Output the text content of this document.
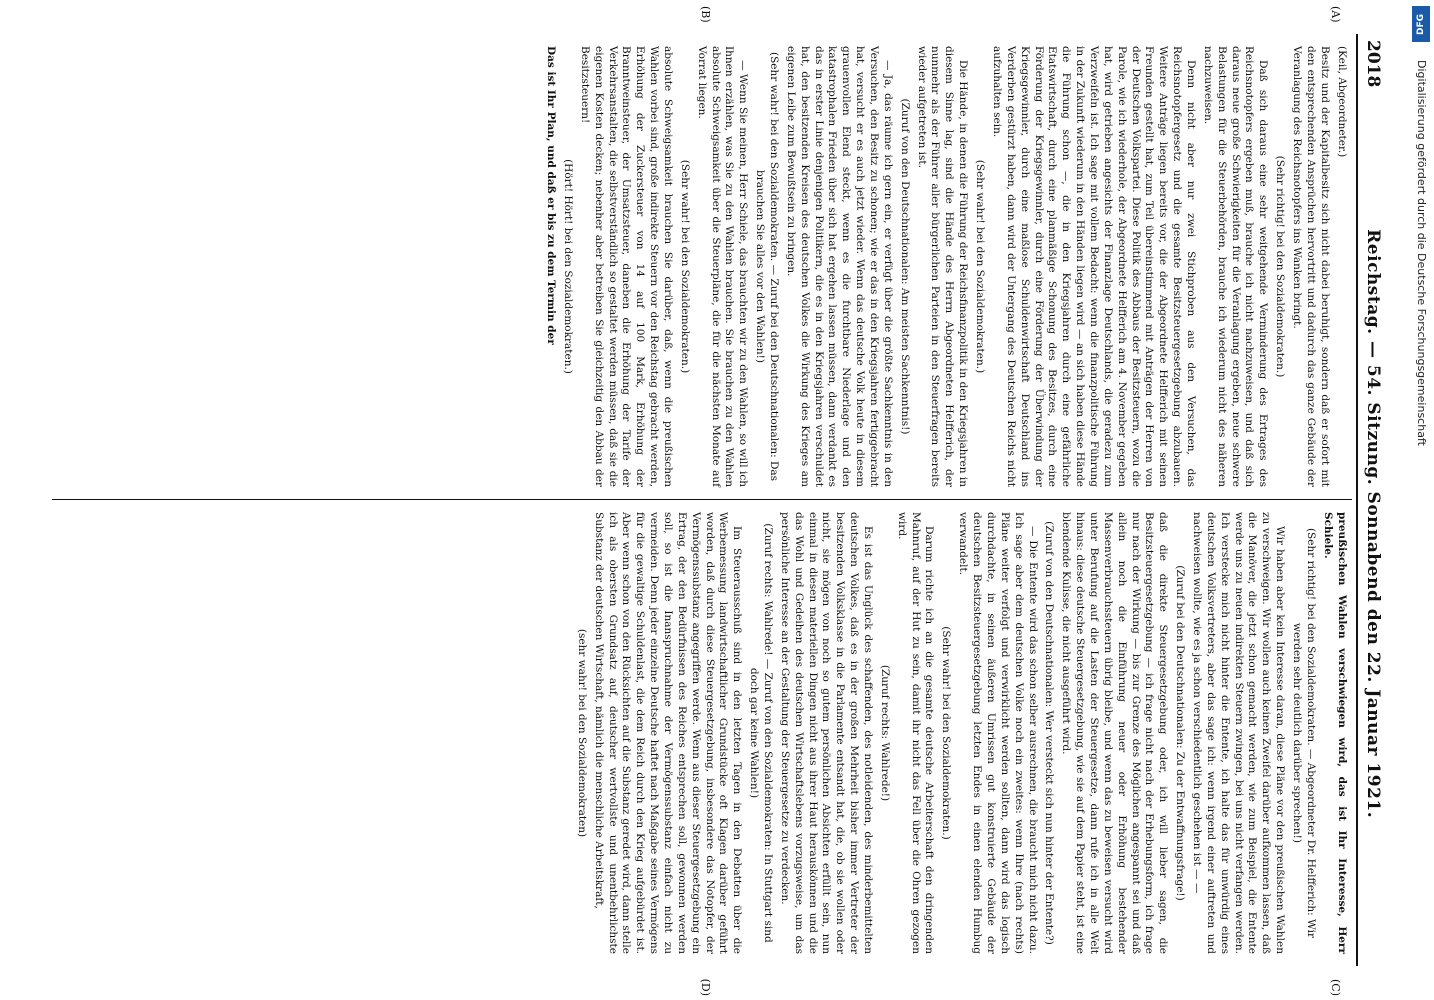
2018
Reichstag. — 54. Sitzung. Sonnabend den 22. Januar 1921.
(A)
(B)
(C)
(D)

(Keil, Abgeordneter.)

Besitz und der Kapitalbesitz sich nicht dabei beruhigt, sondern daß er sofort mit den entsprechenden Ansprüchen hervortritt und dadurch das ganze Gebäude der Veranlagung des Reichsnotopfers ins Wanken bringt.

(Sehr richtig! bei den Sozialdemokraten.)

Daß sich daraus eine sehr weitgehende Verminderung des Ertrages des Reichsnotopfers ergeben muß, brauche ich nicht nachzuweisen, und daß sich daraus neue große Schwierigkeiten für die Veranlagung ergeben, neue schwere Belastungen für die Steuerbehörden, brauche ich wiederum nicht des näheren nachzuweisen.

Denn nicht aber nur zwei Stichproben aus den Versuchen, das Reichsnotopfergesetz und die gesamte Besitzsteuergesetzgebung abzubauen. Weitere Anträge liegen bereits vor, die der Abgeordnete Helfferich mit seinen Freunden gestellt hat, zum Teil übereinstimmend mit Anträgen der Herren von der Deutschen Volkspartei. Diese Politik des Abbaus der Besitzsteuern, wozu die Parole, wie ich wiederhole, der Abgeordnete Helfferich am 4. November gegeben hat, wird getrieben angesichts der Finanzlage Deutschlands, die geradezu zum Verzweifeln ist. Ich sage mit vollem Bedacht: wenn die finanzpolitische Führung in der Zukunft wiederum in den Händen liegen wird — an sich haben diese Hände die Führung schon —, die in den Kriegsjahren durch eine gefährliche Etatswirtschaft, durch eine planmäßige Schonung des Besitzes, durch eine Förderung der Kriegsgewinnler, durch eine Förderung der Überwindung der Kriegsgewinnler, durch eine maßlose Schuldenwirtschaft Deutschland ins Verderben gestürzt haben, dann wird der Untergang des Deutschen Reichs nicht aufzuhalten sein.

(Sehr wahr! bei den Sozialdemokraten.)

Die Hände, in denen die Führung der Reichsfinanzpolitik in den Kriegsjahren in diesem Sinne lag, sind die Hände des Herrn Abgeordneten Helfferich, der nunmehr als der Führer aller bürgerlichen Parteien in den Steuerfragen bereits wieder aufgetreten ist.

(Zuruf von den Deutschnationalen: Am meisten Sachkenntnis!)

— Ja, das räume ich gern ein, er verfügt über die größte Sachkenntnis in den Versuchen, den Besitz zu schonen; wie er das in den Kriegsjahren fertiggebracht hat, versucht er es auch jetzt wieder. Wenn das deutsche Volk heute in diesem grauenvollen Elend steckt, wenn es die furchtbare Niederlage und den katastrophalen Frieden über sich hat ergehen lassen müssen, dann verdankt es das in erster Linie denjenigen Politikern, die es in den Kriegsjahren verschuldet hat, den besitzenden Kreisen des deutschen Volkes die Wirkung des Krieges am eigenen Leibe zum Bewußtsein zu bringen.

(Sehr wahr! bei den Sozialdemokraten. — Zuruf bei den Deutschnationalen: Das brauchen Sie alles vor den Wahlen!)

— Wenn Sie meinen, Herr Schiele, das brauchten wir zu den Wahlen, so will ich Ihnen erzählen, was Sie zu den Wahlen brauchen. Sie brauchen zu den Wahlen absolute Schweigsamkeit über die Steuerpläne, die für die nächsten Monate auf Vorrat liegen.

(Sehr wahr! bei den Sozialdemokraten.)

absolute Schweigsamkeit brauchen Sie darüber, daß, wenn die preußischen Wahlen vorbei sind, große indirekte Steuern vor den Reichstag gebracht werden, Erhöhung der Zuckersteuer von 14 auf 100 Mark, Erhöhung der Branntweinsteuer, der Umsatzsteuer, daneben die Erhöhung der Tarife der Verkehrsanstalten, die selbstverständlich so gestaltet werden müssen, daß sie die eigenen Kosten decken; nebenher aber betreiben Sie gleichzeitig den Abbau der Besitzsteuern!

(Hört! Hört! bei den Sozialdemokraten.)

Das ist Ihr Plan, und daß er bis zu dem Termin der

preußischen Wahlen verschwiegen wird, das ist Ihr Interesse, Herr Schiele.

(Sehr richtig! bei den Sozialdemokraten. — Abgeordneter Dr. Helfferich: Wir werden sehr deutlich darüber sprechen!)

Wir haben aber kein Interesse daran, diese Pläne vor den preußischen Wahlen zu verschweigen. Wir wollen auch keinen Zweifel darüber aufkommen lassen, daß die Manöver, die jetzt schon gemacht werden, wie zum Beispiel, die Entente werde uns zu neuen indirekten Steuern zwingen, bei uns nicht verfangen werden. Ich verstecke mich nicht hinter die Entente, ich halte das für unwürdig eines deutschen Volksvertreters, aber das sage ich: wenn irgend einer auftreten und nachweisen wollte, wie es ja schon verschiedentlich geschehen ist — —

(Zuruf bei den Deutschnationalen: Zu der Entwaffnungsfrage!)

daß die direkte Steuergesetzgebung oder, ich will lieber sagen, die Besitzsteuergesetzgebung — ich frage nicht nach der Erhebungsform, ich frage nur nach der Wirkung — bis zur Grenze des Möglichen angespannt sei und daß allein noch die Einführung neuer oder Erhöhung bestehender Massenverbrauchssteuern übrig bleibe, und wenn das zu beweisen versucht wird unter Berufung auf die Lasten der Steuergesetze, dann rufe ich in alle Welt hinaus: diese deutsche Steuergesetzgebung, wie sie auf dem Papier steht, ist eine blendende Kulisse, die nicht ausgeführt wird.

(Zuruf von den Deutschnationalen: Wer versteckt sich nun hinter der Entente?)

— Die Entente wird das schon selber ausrechnen, die braucht mich nicht dazu. Ich sage aber dem deutschen Volke noch ein zweites: wenn Ihre (nach rechts) Pläne weiter verfolgt und verwirklicht werden sollten, dann wird das logisch durchdachte, in seinen äußeren Umrissen gut konstruierte Gebäude der deutschen Besitzsteuergesetzgebung letzten Endes in einen elenden Humbug verwandelt.

(Sehr wahr! bei den Sozialdemokraten.)

Darum richte ich an die gesamte deutsche Arbeiterschaft den dringenden Mahnruf, auf der Hut zu sein, damit ihr nicht das Fell über die Ohren gezogen wird.

(Zuruf rechts: Wahlrede!)

Es ist das Unglück des schaffenden, des notleidenden, des minderbemittelten deutschen Volkes, daß es in der großen Mehrheit bisher immer Vertreter der besitzenden Volksklasse in die Parlamente entsandt hat, die, ob sie wollen oder nicht, sie mögen von noch so gutem persönlichen Absichten erfüllt sein, nun einmal in diesen materiellen Dingen nicht aus ihrer Haut herauskönnen und die das Wohl und Gedeihen des deutschen Wirtschaftslebens vorzugsweise, um das persönliche Interesse an der Gestaltung der Steuergesetze zu verdecken.

(Zuruf rechts: Wahlrede! — Zuruf von den Sozialdemokraten: In Stuttgart sind doch gar keine Wahlen!)

Im Steuerausschuß sind in den letzten Tagen in den Debatten über die Werbemessung landwirtschaftlicher Grundstücke oft Klagen darüber geführt worden, daß durch diese Steuergesetzgebung, insbesondere das Notopfer, der Vermögenssubstanz angegriffen werde. Wenn aus dieser Steuergesetzgebung ein Ertrag, der den Bedürfnissen des Reiches entsprechen soll, gewonnen werden soll, so ist die Inanspruchnahme der Vermögenssubstanz einfach nicht zu vermeiden. Denn jeder einzelne Deutsche haftet nach Maßgabe seines Vermögens für die gewaltige Schuldenlast, die dem Reich durch den Krieg aufgebürdet ist. Aber wenn schon von den Rücksichten auf die Substanz geredet wird, dann stelle ich als obersten Grundsatz auf, deutscher wertvollste und unentbehrlichste Substanz der deutschen Wirtschaft, nämlich die menschliche Arbeitskraft,

(sehr wahr! bei den Sozialdemokraten)

DFG
Digitalisierung gefördert durch die Deutsche Forschungsgemeinschaft
